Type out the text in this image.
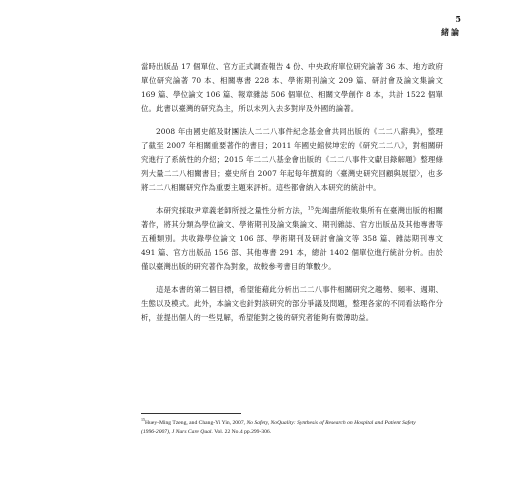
5
緒論

當時出版品 17 個單位、官方正式調查報告 4 份、中央政府單位研究論著 36 本、地方政府單位研究論著 70 本、相關專書 228 本、學術期刊論文 209 篇、研討會及論文集論文 169 篇、學位論文 106 篇、報章雜誌 506 個單位、相關文學創作 8 本，共計 1522 個單位。此書以臺灣的研究為主，所以未列入去多對岸及外國的論著。

2008 年由國史館及財團法人二二八事件紀念基金會共同出版的《二二八辭典》，整理了截至 2007 年相關重要著作的書目；2011 年國史館侯坤宏的《研究二二八》，對相關研究進行了系統性的介紹；2015 年二二八基金會出版的《二二八事件文獻目錄解題》整理條列大量二二八相關書目；臺史所自 2007 年起每年撰寫的〈臺灣史研究回顧與展望〉，也多將二二八相關研究作為重要主題來評析。這些都會納入本研究的統計中。

本研究採取尹章義老師所授之量性分析方法，$^{15}$先竭盡所能收集所有在臺灣出版的相關著作，將其分類為學位論文、學術期刊及論文集論文、期刊雜誌、官方出版品及其他專書等五種類別。共收錄學位論文 106 部、學術期刊及研討會論文等 358 篇、雜誌期刊專文 491 篇、官方出版品 156 部、其他專書 291 本，總計 1402 個單位進行統計分析。由於僅以臺灣出版的研究著作為對象，故較參考書目的筆數少。

這是本書的第二個目標，希望能藉此分析出二二八事件相關研究之趨勢、頻率、週期、生態以及模式。此外，本論文也針對該研究的部分爭議及問題，整理各家的不同看法略作分析，並提出個人的一些見解，希望能對之後的研究者能夠有微薄助益。

$^{15}$Huey-Ming Tzeng, and Chang-Yi Yin, 2007, No Safety, NoQuality: Synthesis of Research on Hospital and Patient Safety (1996-2007), J Nurs Care Qual. Vol. 22 No.4 pp.299-306.
